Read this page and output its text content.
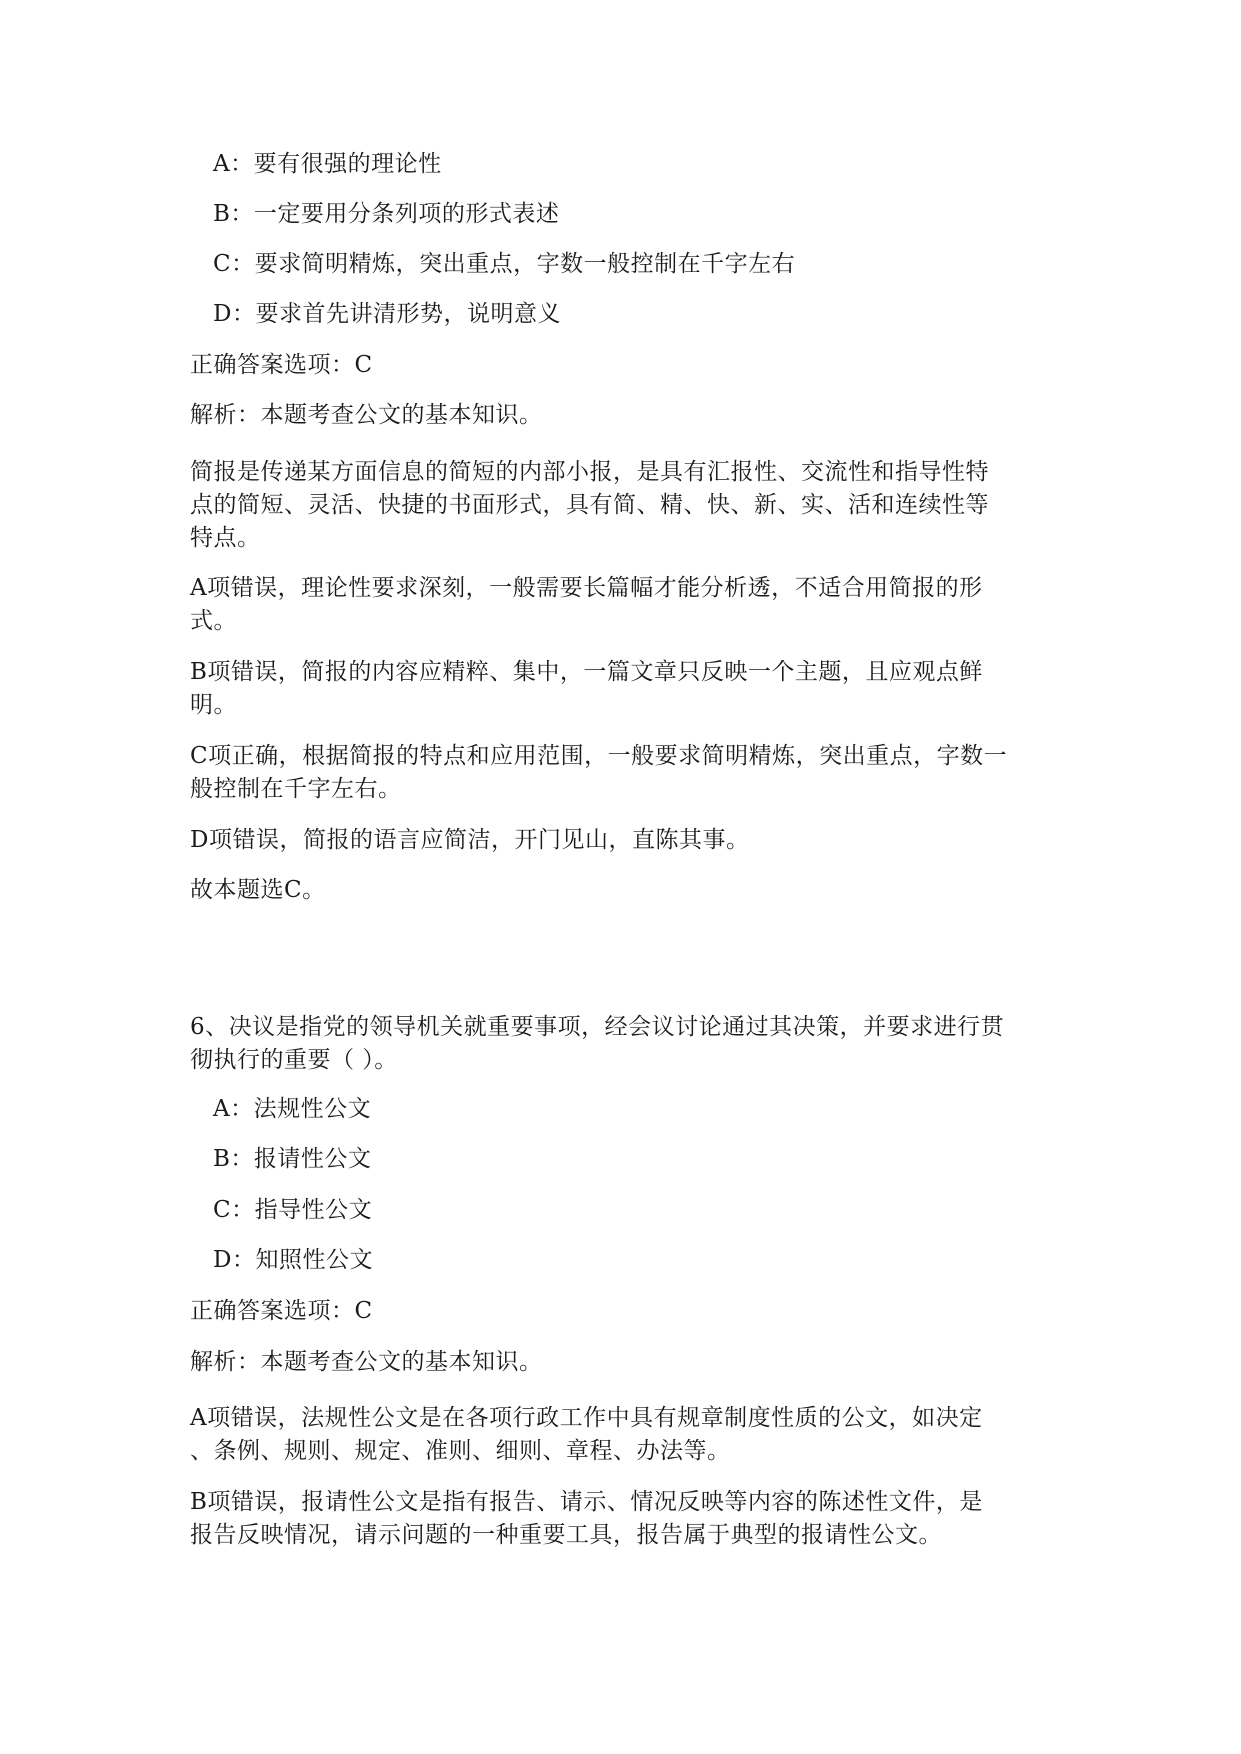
A：要有很强的理论性
B：一定要用分条列项的形式表述
C：要求简明精炼，突出重点，字数一般控制在千字左右
D：要求首先讲清形势，说明意义
正确答案选项：C
解析：本题考查公文的基本知识。
简报是传递某方面信息的简短的内部小报，是具有汇报性、交流性和指导性特
点的简短、灵活、快捷的书面形式，具有简、精、快、新、实、活和连续性等
特点。
A项错误，理论性要求深刻，一般需要长篇幅才能分析透，不适合用简报的形
式。
B项错误，简报的内容应精粹、集中，一篇文章只反映一个主题，且应观点鲜
明。
C项正确，根据简报的特点和应用范围，一般要求简明精炼，突出重点，字数一
般控制在千字左右。
D项错误，简报的语言应简洁，开门见山，直陈其事。
故本题选C。
6、决议是指党的领导机关就重要事项，经会议讨论通过其决策，并要求进行贯
彻执行的重要（ ）。
A：法规性公文
B：报请性公文
C：指导性公文
D：知照性公文
正确答案选项：C
解析：本题考查公文的基本知识。
A项错误，法规性公文是在各项行政工作中具有规章制度性质的公文，如决定
、条例、规则、规定、准则、细则、章程、办法等。
B项错误，报请性公文是指有报告、请示、情况反映等内容的陈述性文件，是
报告反映情况，请示问题的一种重要工具，报告属于典型的报请性公文。
